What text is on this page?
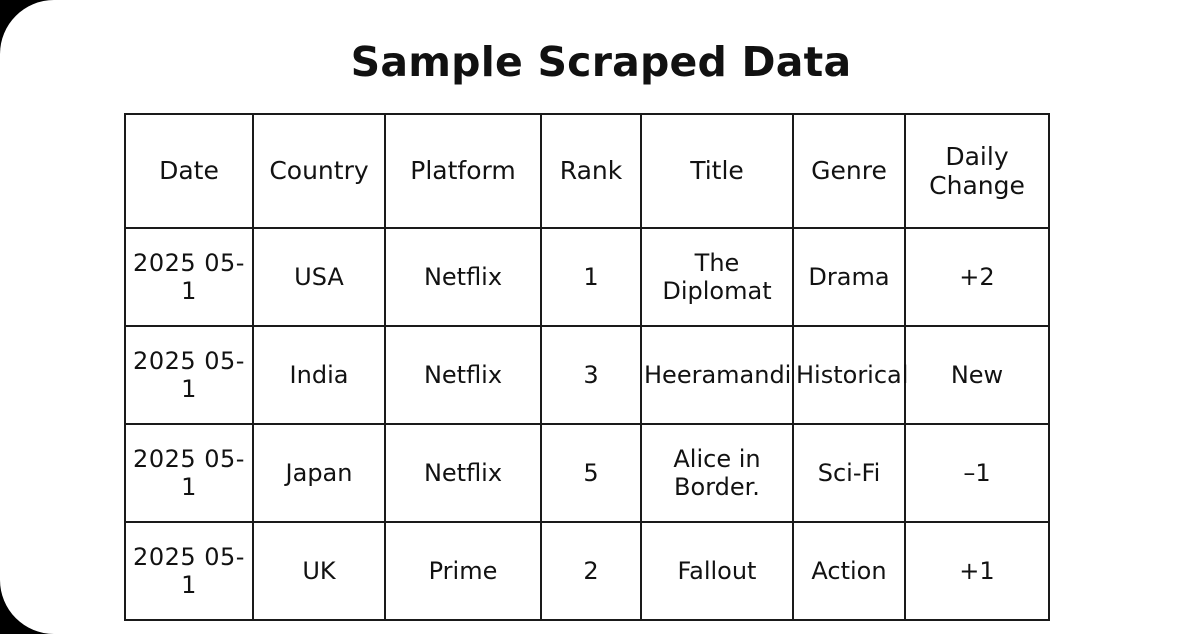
Sample Scraped Data
Date	Country	Platform	Rank	Title	Genre	Daily Change
2025 05-1	USA	Netflix	1	The Diplomat	Drama	+2
2025 05-1	India	Netflix	3	Heeramandi	Historical	New
2025 05-1	Japan	Netflix	5	Alice in Border.	Sci-Fi	–1
2025 05-1	UK	Prime	2	Fallout	Action	+1
